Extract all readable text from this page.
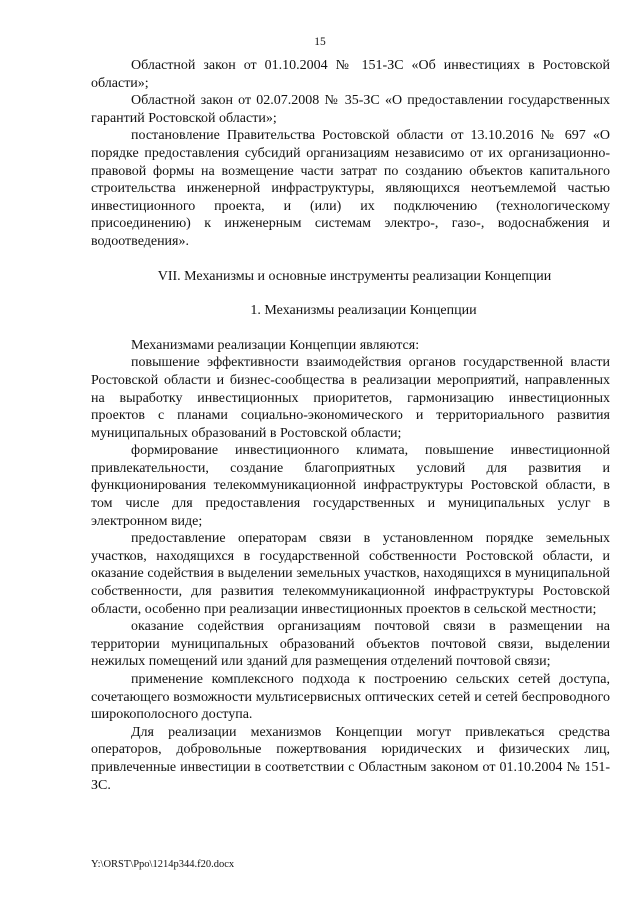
15

Областной закон от 01.10.2004 № 151-ЗС «Об инвестициях в Ростовской области»;

Областной закон от 02.07.2008 № 35-ЗС «О предоставлении государственных гарантий Ростовской области»;

постановление Правительства Ростовской области от 13.10.2016 № 697 «О порядке предоставления субсидий организациям независимо от их организационно-правовой формы на возмещение части затрат по созданию объектов капитального строительства инженерной инфраструктуры, являющихся неотъемлемой частью инвестиционного проекта, и (или) их подключению (технологическому присоединению) к инженерным системам электро-, газо-, водоснабжения и водоотведения».

VII. Механизмы и основные инструменты реализации Концепции

1. Механизмы реализации Концепции

Механизмами реализации Концепции являются:

повышение эффективности взаимодействия органов государственной власти Ростовской области и бизнес-сообщества в реализации мероприятий, направленных на выработку инвестиционных приоритетов, гармонизацию инвестиционных проектов с планами социально-экономического и территориального развития муниципальных образований в Ростовской области;

формирование инвестиционного климата, повышение инвестиционной привлекательности, создание благоприятных условий для развития и функционирования телекоммуникационной инфраструктуры Ростовской области, в том числе для предоставления государственных и муниципальных услуг в электронном виде;

предоставление операторам связи в установленном порядке земельных участков, находящихся в государственной собственности Ростовской области, и оказание содействия в выделении земельных участков, находящихся в муниципальной собственности, для развития телекоммуникационной инфраструктуры Ростовской области, особенно при реализации инвестиционных проектов в сельской местности;

оказание содействия организациям почтовой связи в размещении на территории муниципальных образований объектов почтовой связи, выделении нежилых помещений или зданий для размещения отделений почтовой связи;

применение комплексного подхода к построению сельских сетей доступа, сочетающего возможности мультисервисных оптических сетей и сетей беспроводного широкополосного доступа.

Для реализации механизмов Концепции могут привлекаться средства операторов, добровольные пожертвования юридических и физических лиц, привлеченные инвестиции в соответствии с Областным законом от 01.10.2004 № 151-ЗС.

Y:\ORST\Ppo\1214p344.f20.docx
